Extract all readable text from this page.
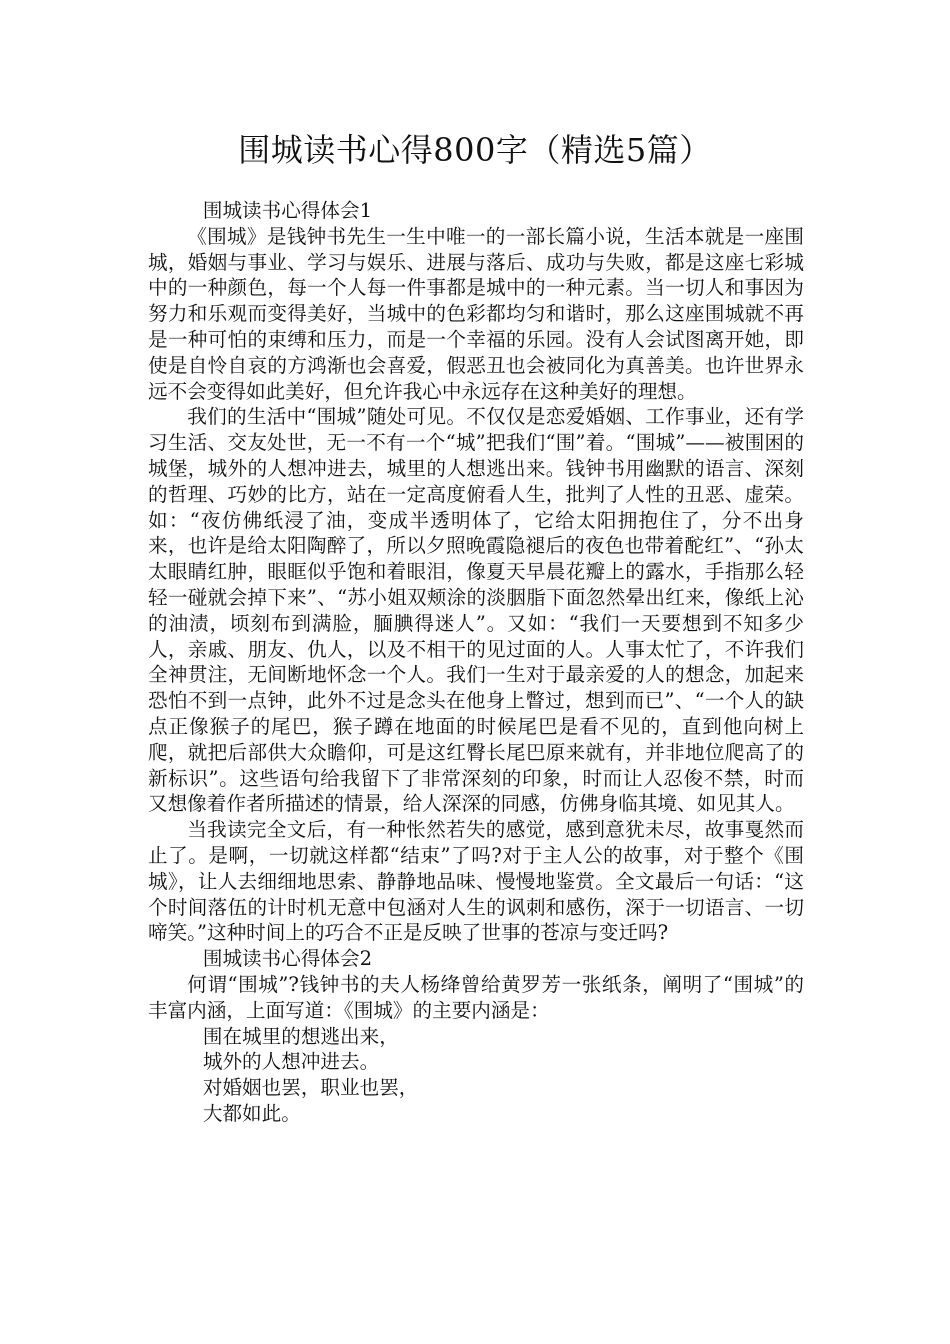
围城读书心得800字（精选5篇）

围城读书心得体会1

《围城》是钱钟书先生一生中唯一的一部长篇小说，生活本就是一座围城，婚姻与事业、学习与娱乐、进展与落后、成功与失败，都是这座七彩城中的一种颜色，每一个人每一件事都是城中的一种元素。当一切人和事因为努力和乐观而变得美好，当城中的色彩都均匀和谐时，那么这座围城就不再是一种可怕的束缚和压力，而是一个幸福的乐园。没有人会试图离开她，即使是自怜自哀的方鸿渐也会喜爱，假恶丑也会被同化为真善美。也许世界永远不会变得如此美好，但允许我心中永远存在这种美好的理想。

我们的生活中“围城”随处可见。不仅仅是恋爱婚姻、工作事业，还有学习生活、交友处世，无一不有一个“城”把我们“围”着。“围城”——被围困的城堡，城外的人想冲进去，城里的人想逃出来。钱钟书用幽默的语言、深刻的哲理、巧妙的比方，站在一定高度俯看人生，批判了人性的丑恶、虚荣。如：“夜仿佛纸浸了油，变成半透明体了，它给太阳拥抱住了，分不出身来，也许是给太阳陶醉了，所以夕照晚霞隐褪后的夜色也带着酡红”、“孙太太眼睛红肿，眼眶似乎饱和着眼泪，像夏天早晨花瓣上的露水，手指那么轻轻一碰就会掉下来”、“苏小姐双颊涂的淡胭脂下面忽然晕出红来，像纸上沁的油渍，顷刻布到满脸，腼腆得迷人”。又如：“我们一天要想到不知多少人，亲戚、朋友、仇人，以及不相干的见过面的人。人事太忙了，不许我们全神贯注，无间断地怀念一个人。我们一生对于最亲爱的人的想念，加起来恐怕不到一点钟，此外不过是念头在他身上瞥过，想到而已”、“一个人的缺点正像猴子的尾巴，猴子蹲在地面的时候尾巴是看不见的，直到他向树上爬，就把后部供大众瞻仰，可是这红臀长尾巴原来就有，并非地位爬高了的新标识”。这些语句给我留下了非常深刻的印象，时而让人忍俊不禁，时而又想像着作者所描述的情景，给人深深的同感，仿佛身临其境、如见其人。

当我读完全文后，有一种怅然若失的感觉，感到意犹未尽，故事戛然而止了。是啊，一切就这样都“结束”了吗?对于主人公的故事，对于整个《围城》，让人去细细地思索、静静地品味、慢慢地鉴赏。全文最后一句话：“这个时间落伍的计时机无意中包涵对人生的讽刺和感伤，深于一切语言、一切啼笑。”这种时间上的巧合不正是反映了世事的苍凉与变迁吗?

围城读书心得体会2

何谓“围城”?钱钟书的夫人杨绛曾给黄罗芳一张纸条，阐明了“围城”的丰富内涵，上面写道：《围城》的主要内涵是：

围在城里的想逃出来，

城外的人想冲进去。

对婚姻也罢，职业也罢，

大都如此。
